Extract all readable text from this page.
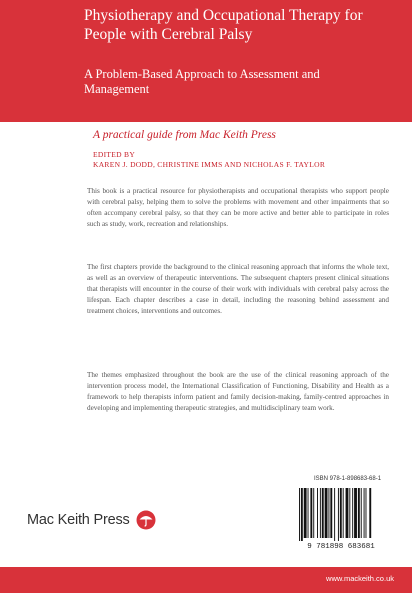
Physiotherapy and Occupational Therapy for People with Cerebral Palsy
A Problem-Based Approach to Assessment and Management

A practical guide from Mac Keith Press

EDITED BY
KAREN J. DODD, CHRISTINE IMMS AND NICHOLAS F. TAYLOR

This book is a practical resource for physiotherapists and occupational therapists who support people with cerebral palsy, helping them to solve the problems with movement and other impairments that so often accompany cerebral palsy, so that they can be more active and better able to participate in roles such as study, work, recreation and relationships.

The first chapters provide the background to the clinical reasoning approach that informs the whole text, as well as an overview of therapeutic interventions. The subsequent chapters present clinical situations that therapists will encounter in the course of their work with individuals with cerebral palsy across the lifespan. Each chapter describes a case in detail, including the reasoning behind assessment and treatment choices, interventions and outcomes.

The themes emphasized throughout the book are the use of the clinical reasoning approach of the intervention process model, the International Classification of Functioning, Disability and Health as a framework to help therapists inform patient and family decision-making, family-centred approaches in developing and implementing therapeutic strategies, and multidisciplinary team work.

ISBN 978-1-898683-68-1
9 781898 683681
Mac Keith Press
www.mackeith.co.uk
